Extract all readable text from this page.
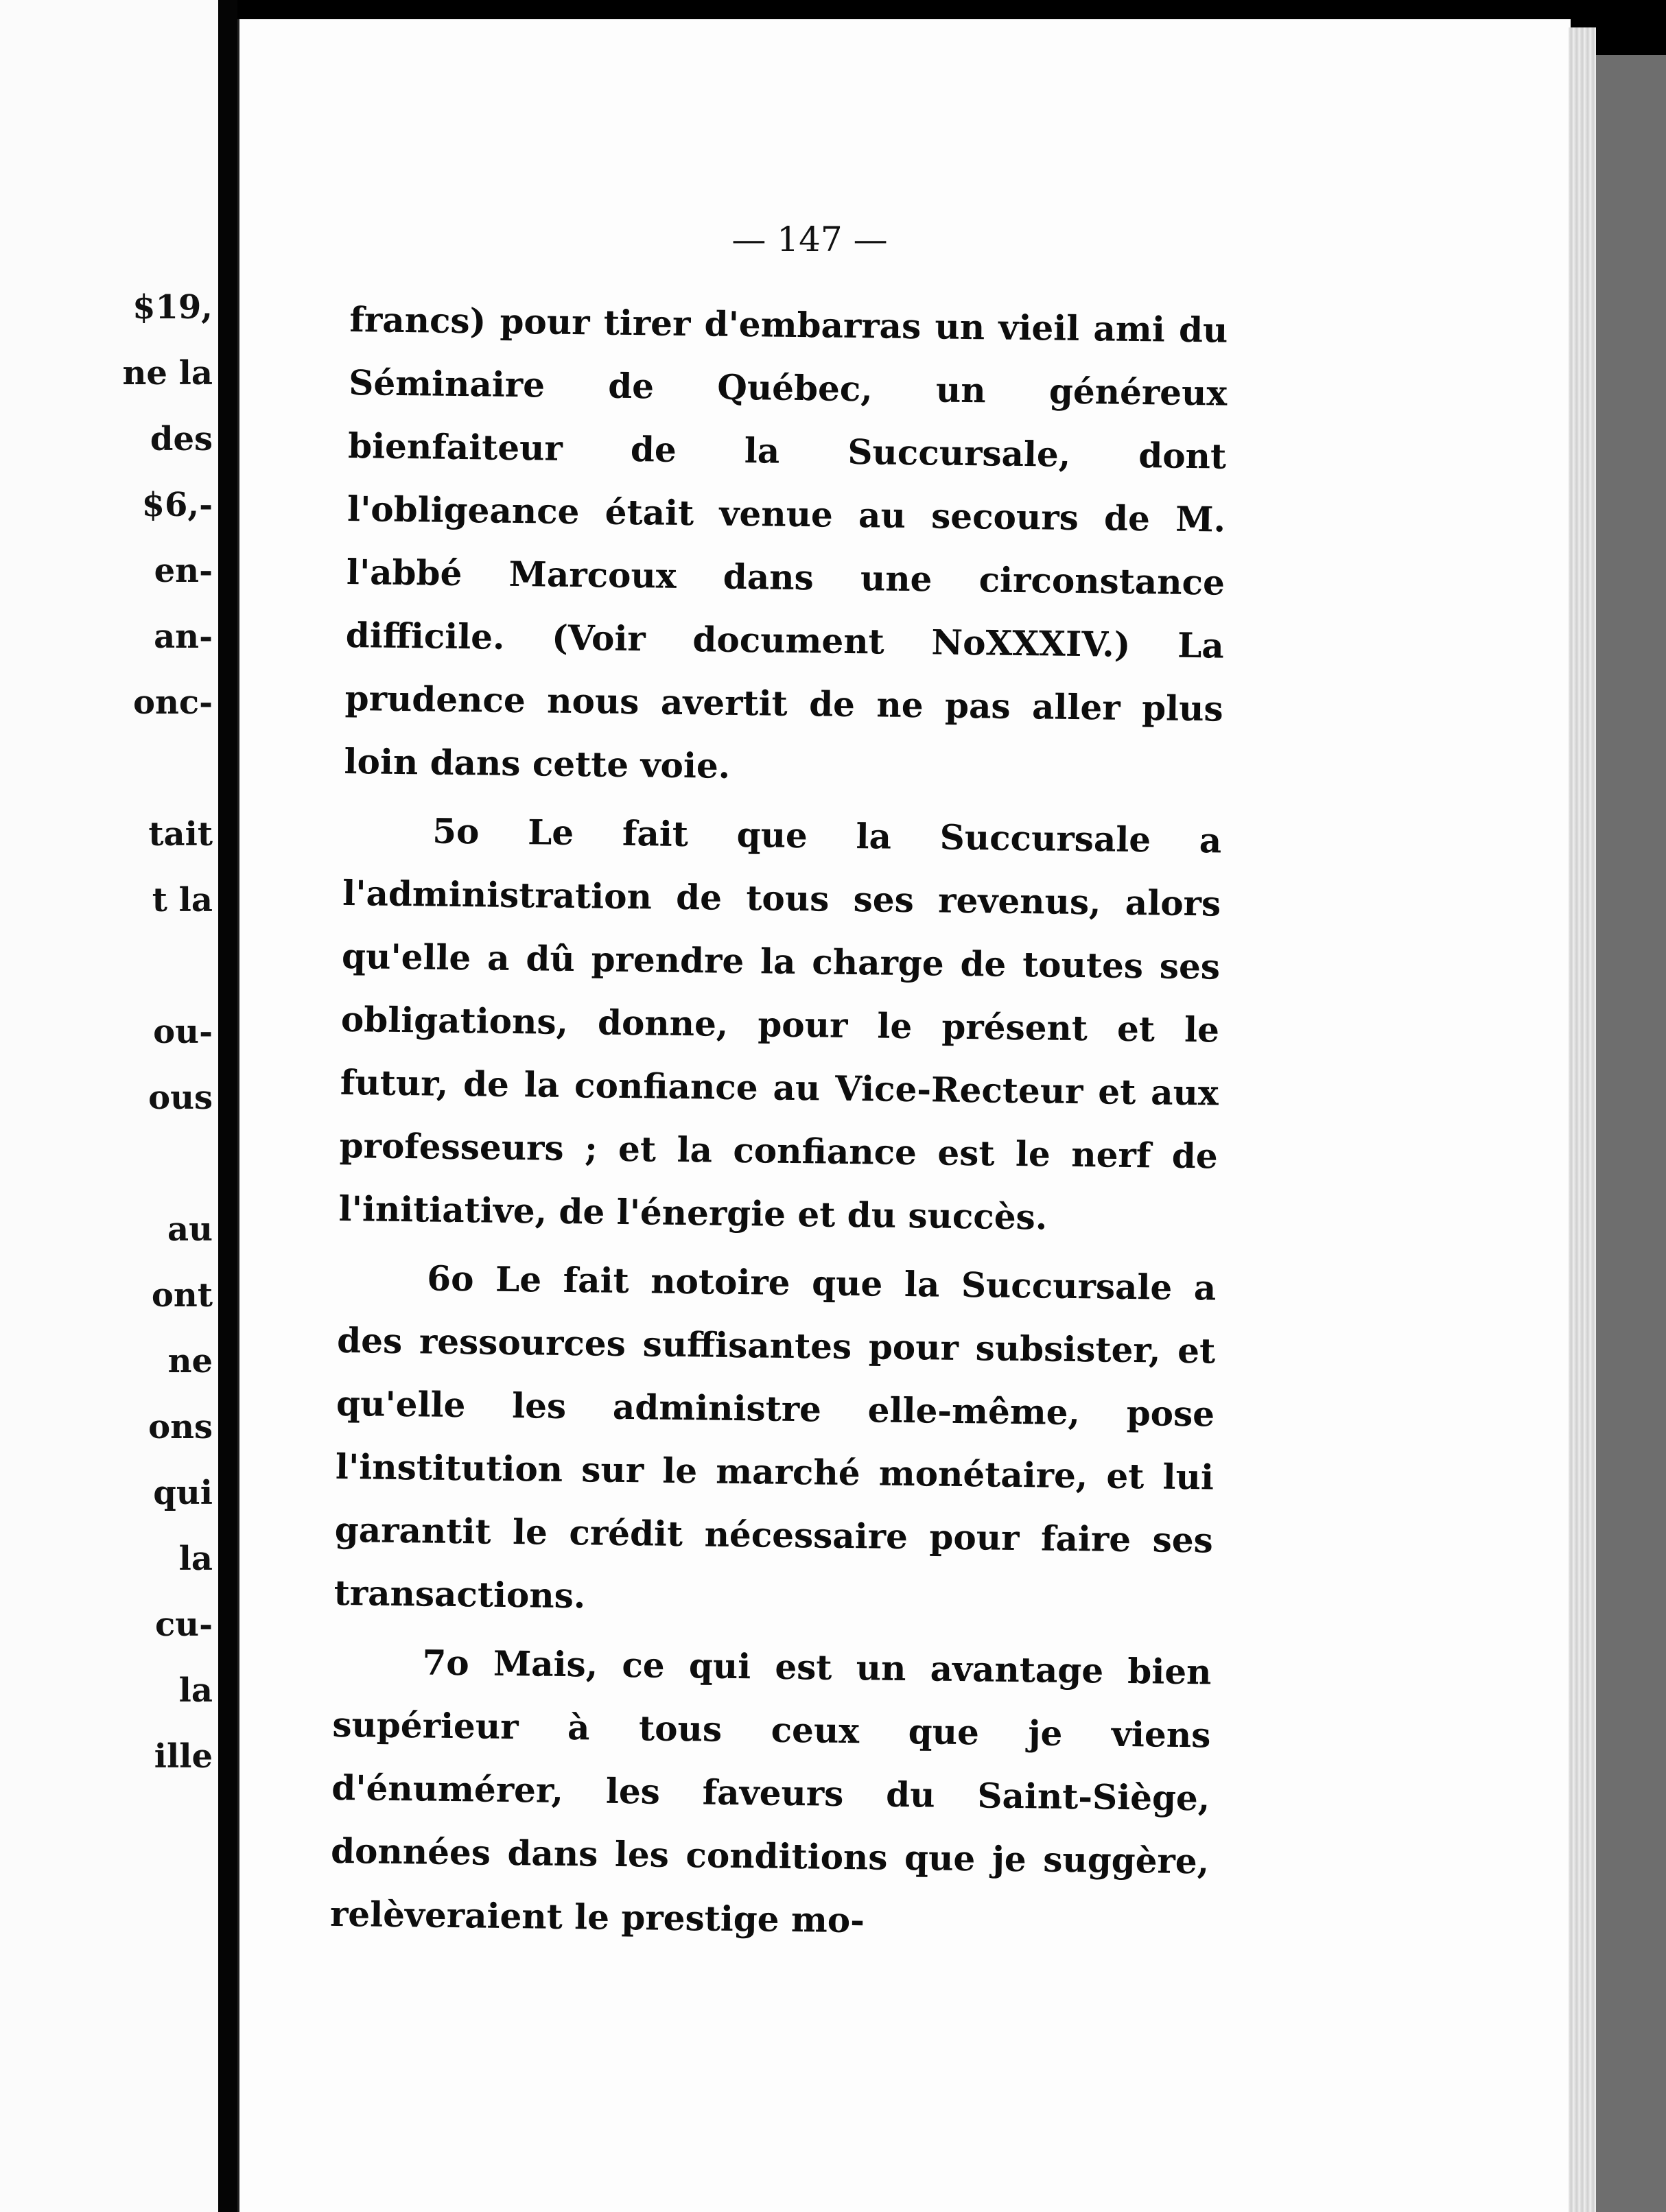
$19,
ne la
des
$6,-
en-
an-
onc-
tait
t la
ou-
ous
au
ont
ne
ons
qui
la
cu-
la
ille

— 147 —

francs) pour tirer d'embarras un vieil ami du Séminaire de Québec, un généreux bienfaiteur de la Succursale, dont l'obligeance était venue au secours de M. l'abbé Marcoux dans une circonstance difficile. (Voir document NoXXXIV.) La prudence nous avertit de ne pas aller plus loin dans cette voie.

5o Le fait que la Succursale a l'administration de tous ses revenus, alors qu'elle a dû prendre la charge de toutes ses obligations, donne, pour le présent et le futur, de la confiance au Vice-Recteur et aux professeurs ; et la confiance est le nerf de l'initiative, de l'énergie et du succès.

6o Le fait notoire que la Succursale a des ressources suffisantes pour subsister, et qu'elle les administre elle-même, pose l'institution sur le marché monétaire, et lui garantit le crédit nécessaire pour faire ses transactions.

7o Mais, ce qui est un avantage bien supérieur à tous ceux que je viens d'énumérer, les faveurs du Saint-Siège, données dans les conditions que je suggère, relèveraient le prestige mo-
